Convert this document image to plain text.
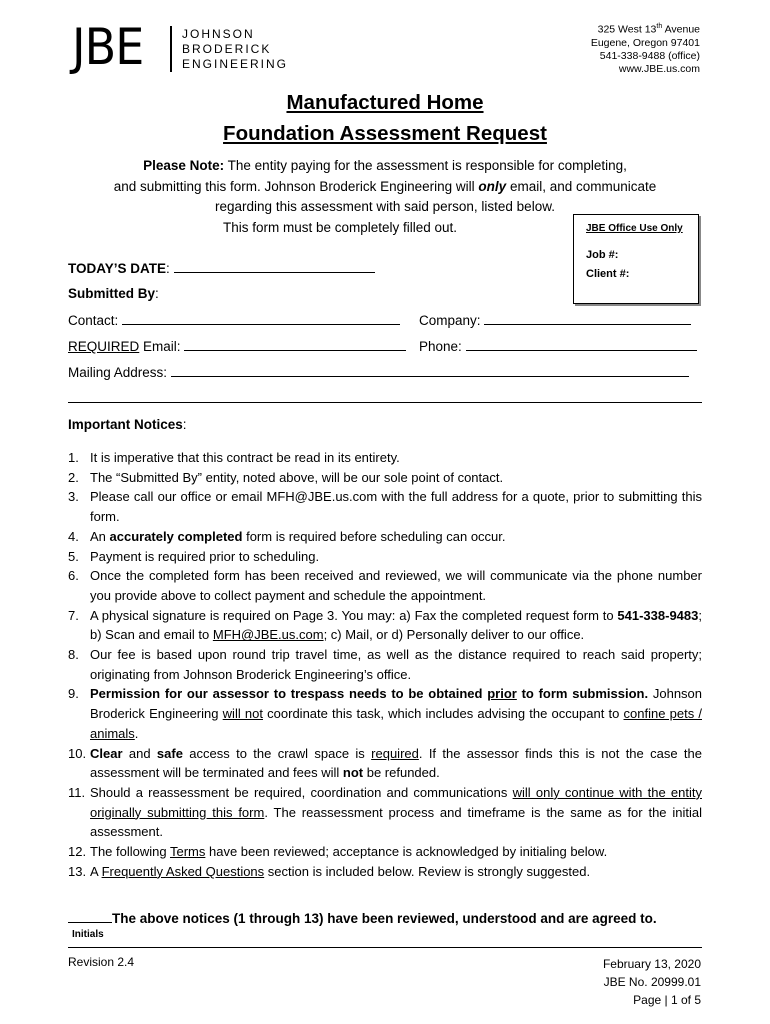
JBE	JOHNSON
BRODERICK
ENGINEERING
325 West 13th Avenue
Eugene, Oregon 97401
541-338-9488 (office)
www.JBE.us.com
Manufactured Home
Foundation Assessment Request
Please Note: The entity paying for the assessment is responsible for completing,
and submitting this form. Johnson Broderick Engineering will only email, and communicate
regarding this assessment with said person, listed below.
This form must be completely filled out.	JBE Office Use Only
Job #:
Client #:
TODAY’S DATE:
Submitted By:
Contact:	Company:
REQUIRED Email:	Phone:
Mailing Address:
Important Notices:
1. It is imperative that this contract be read in its entirety.
2. The “Submitted By” entity, noted above, will be our sole point of contact.
3. Please call our office or email MFH@JBE.us.com with the full address for a quote, prior to submitting this form.
4. An accurately completed form is required before scheduling can occur.
5. Payment is required prior to scheduling.
6. Once the completed form has been received and reviewed, we will communicate via the phone number you provide above to collect payment and schedule the appointment.
7. A physical signature is required on Page 3. You may: a) Fax the completed request form to 541-338-9483; b) Scan and email to MFH@JBE.us.com; c) Mail, or d) Personally deliver to our office.
8. Our fee is based upon round trip travel time, as well as the distance required to reach said property; originating from Johnson Broderick Engineering’s office.
9. Permission for our assessor to trespass needs to be obtained prior to form submission. Johnson Broderick Engineering will not coordinate this task, which includes advising the occupant to confine pets / animals.
10. Clear and safe access to the crawl space is required. If the assessor finds this is not the case the assessment will be terminated and fees will not be refunded.
11. Should a reassessment be required, coordination and communications will only continue with the entity originally submitting this form. The reassessment process and timeframe is the same as for the initial assessment.
12. The following Terms have been reviewed; acceptance is acknowledged by initialing below.
13. A Frequently Asked Questions section is included below. Review is strongly suggested.
The above notices (1 through 13) have been reviewed, understood and are agreed to.
Initials
Revision 2.4	February 13, 2020
JBE No. 20999.01
Page | 1 of 5
